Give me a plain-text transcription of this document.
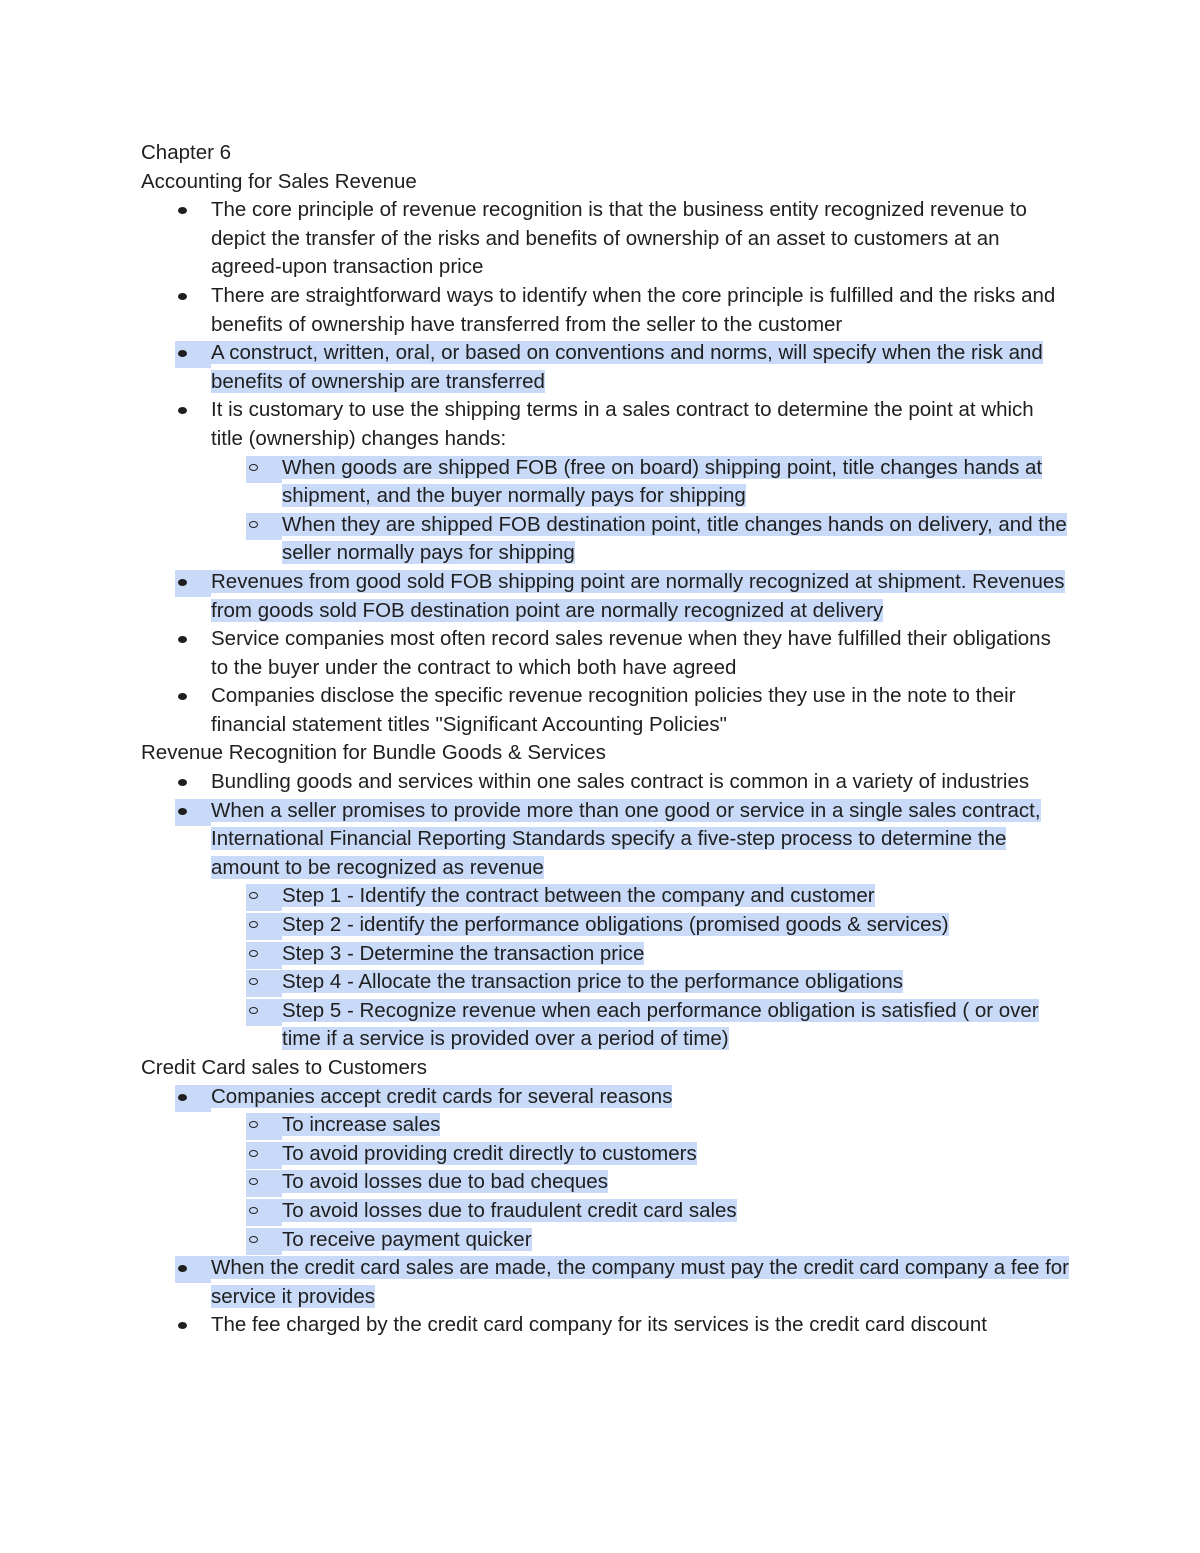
Chapter 6

Accounting for Sales Revenue

The core principle of revenue recognition is that the business entity recognized revenue to depict the transfer of the risks and benefits of ownership of an asset to customers at an agreed-upon transaction price
There are straightforward ways to identify when the core principle is fulfilled and the risks and benefits of ownership have transferred from the seller to the customer
A construct, written, oral, or based on conventions and norms, will specify when the risk and benefits of ownership are transferred
It is customary to use the shipping terms in a sales contract to determine the point at which title (ownership) changes hands:
When goods are shipped FOB (free on board) shipping point, title changes hands at shipment, and the buyer normally pays for shipping
When they are shipped FOB destination point, title changes hands on delivery, and the seller normally pays for shipping
Revenues from good sold FOB shipping point are normally recognized at shipment. Revenues from goods sold FOB destination point are normally recognized at delivery
Service companies most often record sales revenue when they have fulfilled their obligations to the buyer under the contract to which both have agreed
Companies disclose the specific revenue recognition policies they use in the note to their financial statement titles "Significant Accounting Policies"

Revenue Recognition for Bundle Goods & Services

Bundling goods and services within one sales contract is common in a variety of industries
When a seller promises to provide more than one good or service in a single sales contract, International Financial Reporting Standards specify a five-step process to determine the amount to be recognized as revenue
Step 1 - Identify the contract between the company and customer
Step 2 - identify the performance obligations (promised goods & services)
Step 3 - Determine the transaction price
Step 4 - Allocate the transaction price to the performance obligations
Step 5 - Recognize revenue when each performance obligation is satisfied ( or over time if a service is provided over a period of time)

Credit Card sales to Customers

Companies accept credit cards for several reasons
To increase sales
To avoid providing credit directly to customers
To avoid losses due to bad cheques
To avoid losses due to fraudulent credit card sales
To receive payment quicker
When the credit card sales are made, the company must pay the credit card company a fee for service it provides
The fee charged by the credit card company for its services is the credit card discount
